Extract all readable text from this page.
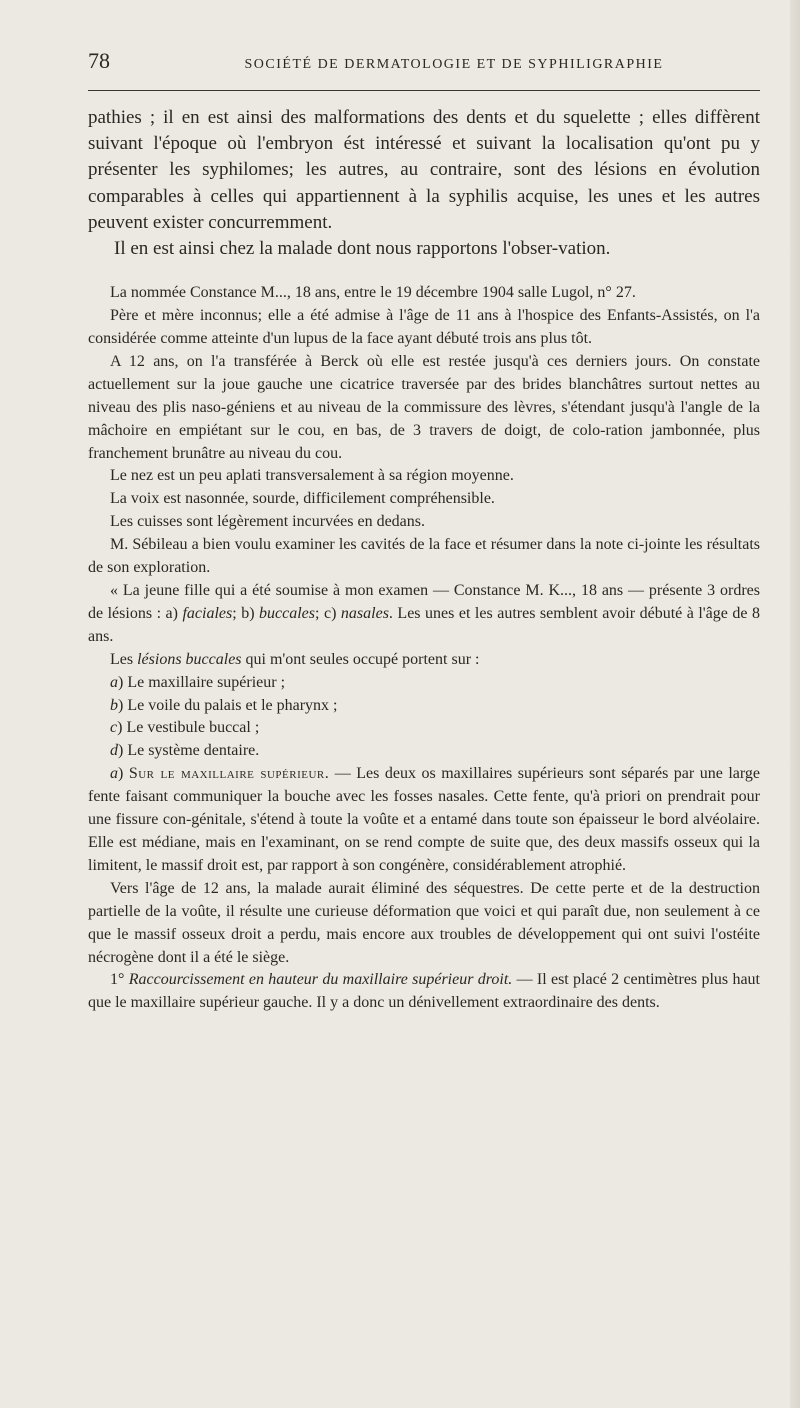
78	SOCIÉTÉ DE DERMATOLOGIE ET DE SYPHILIGRAPHIE

pathies ; il en est ainsi des malformations des dents et du squelette ; elles diffèrent suivant l'époque où l'embryon ést intéressé et suivant la localisation qu'ont pu y présenter les syphilomes; les autres, au contraire, sont des lésions en évolution comparables à celles qui appartiennent à la syphilis acquise, les unes et les autres peuvent exister concurremment.

Il en est ainsi chez la malade dont nous rapportons l'obser-vation.

La nommée Constance M..., 18 ans, entre le 19 décembre 1904 salle Lugol, n° 27.

Père et mère inconnus; elle a été admise à l'âge de 11 ans à l'hospice des Enfants-Assistés, on l'a considérée comme atteinte d'un lupus de la face ayant débuté trois ans plus tôt.

A 12 ans, on l'a transférée à Berck où elle est restée jusqu'à ces derniers jours. On constate actuellement sur la joue gauche une cicatrice traversée par des brides blanchâtres surtout nettes au niveau des plis naso-géniens et au niveau de la commissure des lèvres, s'étendant jusqu'à l'angle de la mâchoire en empiétant sur le cou, en bas, de 3 travers de doigt, de colo-ration jambonnée, plus franchement brunâtre au niveau du cou.

Le nez est un peu aplati transversalement à sa région moyenne.

La voix est nasonnée, sourde, difficilement compréhensible.

Les cuisses sont légèrement incurvées en dedans.

M. Sébileau a bien voulu examiner les cavités de la face et résumer dans la note ci-jointe les résultats de son exploration.

« La jeune fille qui a été soumise à mon examen — Constance M. K..., 18 ans — présente 3 ordres de lésions : a) faciales; b) buccales; c) nasales. Les unes et les autres semblent avoir débuté à l'âge de 8 ans.

Les lésions buccales qui m'ont seules occupé portent sur :

a) Le maxillaire supérieur ;

b) Le voile du palais et le pharynx ;

c) Le vestibule buccal ;

d) Le système dentaire.

a) Sur le maxillaire supérieur. — Les deux os maxillaires supérieurs sont séparés par une large fente faisant communiquer la bouche avec les fosses nasales. Cette fente, qu'à priori on prendrait pour une fissure con-génitale, s'étend à toute la voûte et a entamé dans toute son épaisseur le bord alvéolaire. Elle est médiane, mais en l'examinant, on se rend compte de suite que, des deux massifs osseux qui la limitent, le massif droit est, par rapport à son congénère, considérablement atrophié.

Vers l'âge de 12 ans, la malade aurait éliminé des séquestres. De cette perte et de la destruction partielle de la voûte, il résulte une curieuse déformation que voici et qui paraît due, non seulement à ce que le massif osseux droit a perdu, mais encore aux troubles de développement qui ont suivi l'ostéite nécrogène dont il a été le siège.

1° Raccourcissement en hauteur du maxillaire supérieur droit. — Il est placé 2 centimètres plus haut que le maxillaire supérieur gauche. Il y a donc un dénivellement extraordinaire des dents.
